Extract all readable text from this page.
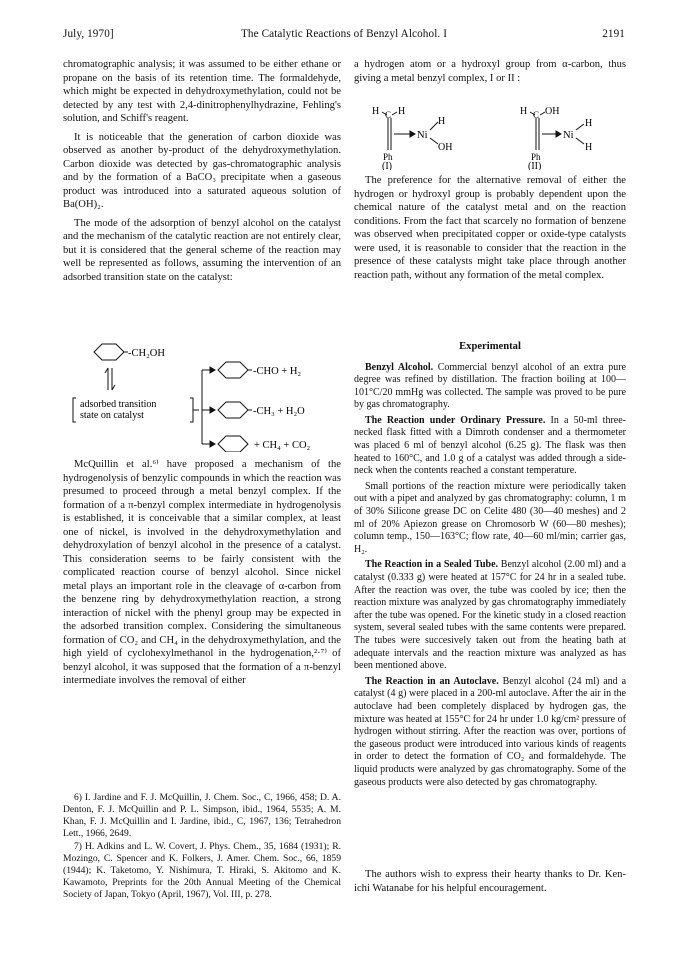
July, 1970]	The Catalytic Reactions of Benzyl Alcohol. I	2191

chromatographic analysis; it was assumed to be either ethane or propane on the basis of its retention time. The formaldehyde, which might be expected in dehydroxymethylation, could not be detected by any test with 2,4-dinitrophenylhydrazine, Fehling's solution, and Schiff's reagent.

It is noticeable that the generation of carbon dioxide was observed as another by-product of the dehydroxymethylation. Carbon dioxide was detected by gas-chromatographic analysis and by the formation of a BaCO₃ precipitate when a gaseous product was introduced into a saturated aqueous solution of Ba(OH)₂.

The mode of the adsorption of benzyl alcohol on the catalyst and the mechanism of the catalytic reaction are not entirely clear, but it is considered that the general scheme of the reaction may well be represented as follows, assuming the intervention of an adsorbed transition state on the catalyst:

-CH₂OH
adsorbed transition
state on catalyst
-CHO + H₂
-CH₃ + H₂O
+ CH₄ + CO₂

McQuillin et al.⁶⁾ have proposed a mechanism of the hydrogenolysis of benzylic compounds in which the reaction was presumed to proceed through a metal benzyl complex. If the formation of a π-benzyl complex intermediate in hydrogenolysis is established, it is conceivable that a similar complex, at least one of nickel, is involved in the dehydroxymethylation and dehydroxylation of benzyl alcohol in the presence of a catalyst. This consideration seems to be fairly consistent with the complicated reaction course of benzyl alcohol. Since nickel metal plays an important role in the cleavage of α-carbon from the benzene ring by dehydroxymethylation reaction, a strong interaction of nickel with the phenyl group may be expected in the adsorbed transition complex. Considering the simultaneous formation of CO₂ and CH₄ in the dehydroxymethylation, and the high yield of cyclohexylmethanol in the hydrogenation,²·⁷⁾ of benzyl alcohol, it was supposed that the formation of a π-benzyl intermediate involves the removal of either

6) I. Jardine and F. J. McQuillin, J. Chem. Soc., C, 1966, 458; D. A. Denton, F. J. McQuillin and P. L. Simpson, ibid., 1964, 5535; A. M. Khan, F. J. McQuillin and I. Jardine, ibid., C, 1967, 136; Tetrahedron Lett., 1966, 2649.

7) H. Adkins and L. W. Covert, J. Phys. Chem., 35, 1684 (1931); R. Mozingo, C. Spencer and K. Folkers, J. Amer. Chem. Soc., 66, 1859 (1944); K. Taketomo, Y. Nishimura, T. Hiraki, S. Akitomo and K. Kawamoto, Preprints for the 20th Annual Meeting of the Chemical Society of Japan, Tokyo (April, 1967), Vol. III, p. 278.

a hydrogen atom or a hydroxyl group from α-carbon, thus giving a metal benzyl complex, I or II :

H C H
Ni
H
OH
Ph
(I)
H C OH
Ni
H
H
Ph
(II)

The preference for the alternative removal of either the hydrogen or hydroxyl group is probably dependent upon the chemical nature of the catalyst metal and on the reaction conditions. From the fact that scarcely no formation of benzene was observed when precipitated copper or oxide-type catalysts were used, it is reasonable to consider that the reaction in the presence of these catalysts might take place through another reaction path, without any formation of the metal complex.

Experimental

Benzyl Alcohol. Commercial benzyl alcohol of an extra pure degree was refined by distillation. The fraction boiling at 100—101°C/20 mmHg was collected. The sample was proved to be pure by gas chromatography.

The Reaction under Ordinary Pressure. In a 50-ml three-necked flask fitted with a Dimroth condenser and a thermometer was placed 6 ml of benzyl alcohol (6.25 g). The flask was then heated to 160°C, and 1.0 g of a catalyst was added through a side-neck when the contents reached a constant temperature.

Small portions of the reaction mixture were periodically taken out with a pipet and analyzed by gas chromatography: column, 1 m of 30% Silicone grease DC on Celite 480 (30—40 meshes) and 2 ml of 20% Apiezon grease on Chromosorb W (60—80 meshes); column temp., 150—163°C; flow rate, 40—60 ml/min; carrier gas, H₂.

The Reaction in a Sealed Tube. Benzyl alcohol (2.00 ml) and a catalyst (0.333 g) were heated at 157°C for 24 hr in a sealed tube. After the reaction was over, the tube was cooled by ice; then the reaction mixture was analyzed by gas chromatography immediately after the tube was opened. For the kinetic study in a closed reaction system, several sealed tubes with the same contents were prepared. The tubes were succesively taken out from the heating bath at adequate intervals and the reaction mixture was analyzed as has been mentioned above.

The Reaction in an Autoclave. Benzyl alcohol (24 ml) and a catalyst (4 g) were placed in a 200-ml autoclave. After the air in the autoclave had been completely displaced by hydrogen gas, the mixture was heated at 155°C for 24 hr under 1.0 kg/cm² pressure of hydrogen without stirring. After the reaction was over, portions of the gaseous product were introduced into various kinds of reagents in order to detect the formation of CO₂ and formaldehyde. The liquid products were analyzed by gas chromatography. Some of the gaseous products were also detected by gas chromatography.

The authors wish to express their hearty thanks to Dr. Ken-ichi Watanabe for his helpful encouragement.
